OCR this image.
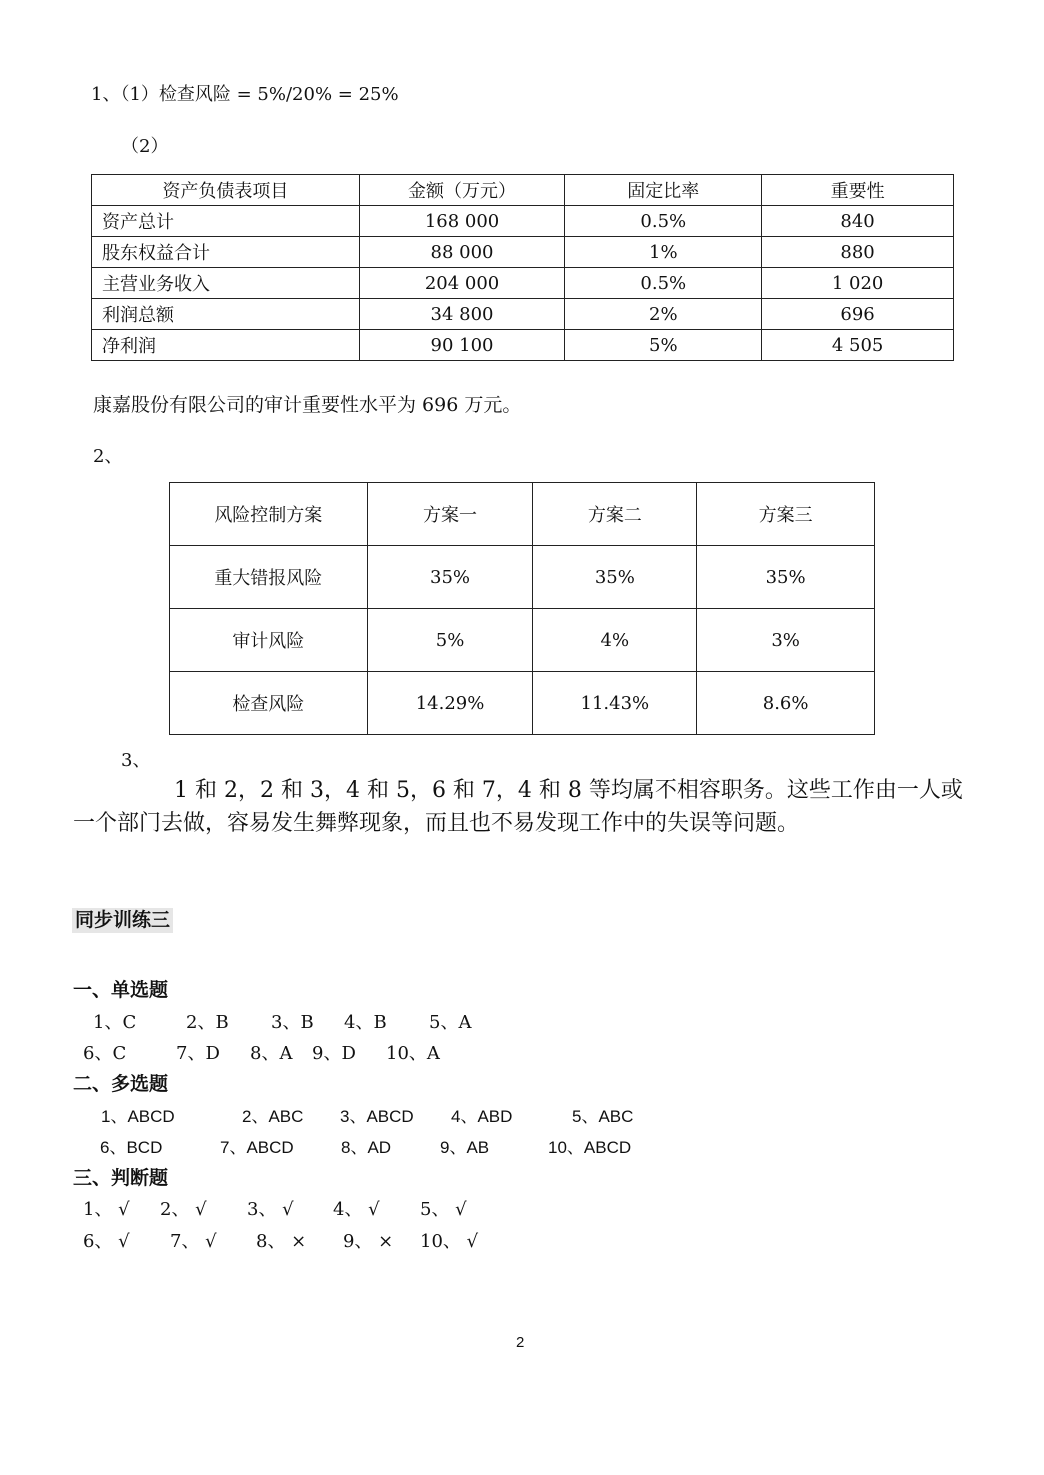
1、（1）检查风险 = 5%/20% = 25%
（2）
资产负债表项目	金额（万元）	固定比率	重要性
资产总计	168 000	0.5%	840
股东权益合计	88 000	1%	880
主营业务收入	204 000	0.5%	1 020
利润总额	34 800	2%	696
净利润	90 100	5%	4 505
康嘉股份有限公司的审计重要性水平为 696 万元。
2、
风险控制方案	方案一	方案二	方案三
重大错报风险	35%	35%	35%
审计风险	5%	4%	3%
检查风险	14.29%	11.43%	8.6%
3、
1 和 2，2 和 3，4 和 5，6 和 7，4 和 8 等均属不相容职务。这些工作由一人或
一个部门去做，容易发生舞弊现象，而且也不易发现工作中的失误等问题。
同步训练三
一、单选题
1、C	2、B 3、B 4、B 5、A
6、C	7、D 8、A 9、D 10、A
二、多选题
1、ABCD	2、ABC 3、ABCD 4、ABD	5、ABC
6、BCD	7、ABCD	8、AD	9、AB	10、ABCD
三、判断题
1、 √ 2、 √ 3、 √ 4、 √ 5、 √
6、 √ 7、 √ 8、 × 9、 × 10、 √
2
